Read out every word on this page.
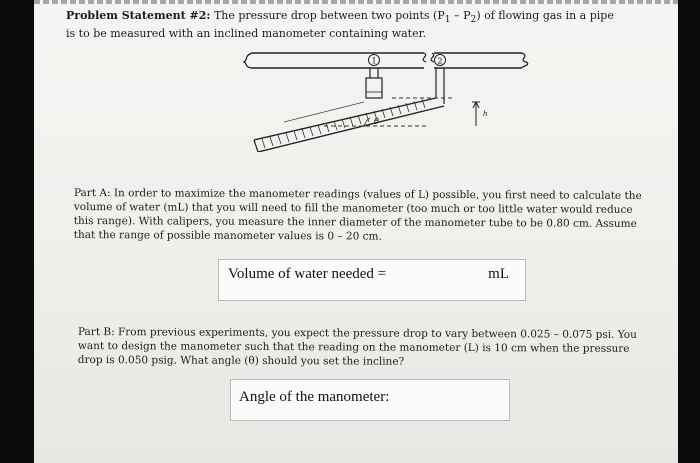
Problem Statement #2: The pressure drop between two points $(P_1 - P_2)$ of flowing gas in a pipe is to be measured with an inclined manometer containing water.
1	2
θ
h
Part A: In order to maximize the manometer readings (values of L) possible, you first need to calculate the volume of water (mL) that you will need to fill the manometer (too much or too little water would reduce this range). With calipers, you measure the inner diameter of the manometer tube to be 0.80 cm. Assume that the range of possible manometer values is 0 – 20 cm.
Volume of water needed =	mL
Part B: From previous experiments, you expect the pressure drop to vary between 0.025 – 0.075 psi. You want to design the manometer such that the reading on the manometer (L) is 10 cm when the pressure drop is 0.050 psig. What angle (θ) should you set the incline?
Angle of the manometer:
